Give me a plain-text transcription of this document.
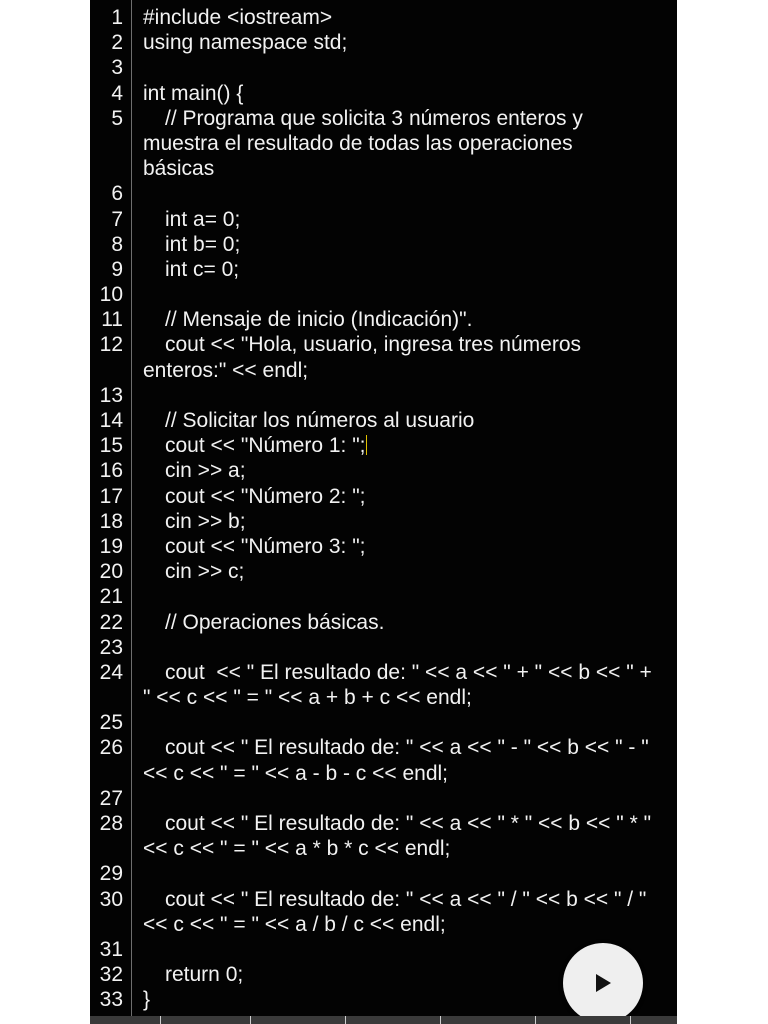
1 #include <iostream>
2 using namespace std;
3
4 int main() {
5 // Programa que solicita 3 números enteros y
muestra el resultado de todas las operaciones
básicas
6
7 int a= 0;
8 int b= 0;
9 int c= 0;
10
11 // Mensaje de inicio (Indicación)".
12 cout << "Hola, usuario, ingresa tres números
enteros:" << endl;
13
14 // Solicitar los números al usuario
15 cout << "Número 1: ";
16 cin >> a;
17 cout << "Número 2: ";
18 cin >> b;
19 cout << "Número 3: ";
20 cin >> c;
21
22 // Operaciones básicas.
23
24 cout  << " El resultado de: " << a << " + " << b << " +
" << c << " = " << a + b + c << endl;
25
26 cout << " El resultado de: " << a << " - " << b << " - "
<< c << " = " << a - b - c << endl;
27
28 cout << " El resultado de: " << a << " * " << b << " * "
<< c << " = " << a * b * c << endl;
29
30 cout << " El resultado de: " << a << " / " << b << " / "
<< c << " = " << a / b / c << endl;
31
32 return 0;
33 }
